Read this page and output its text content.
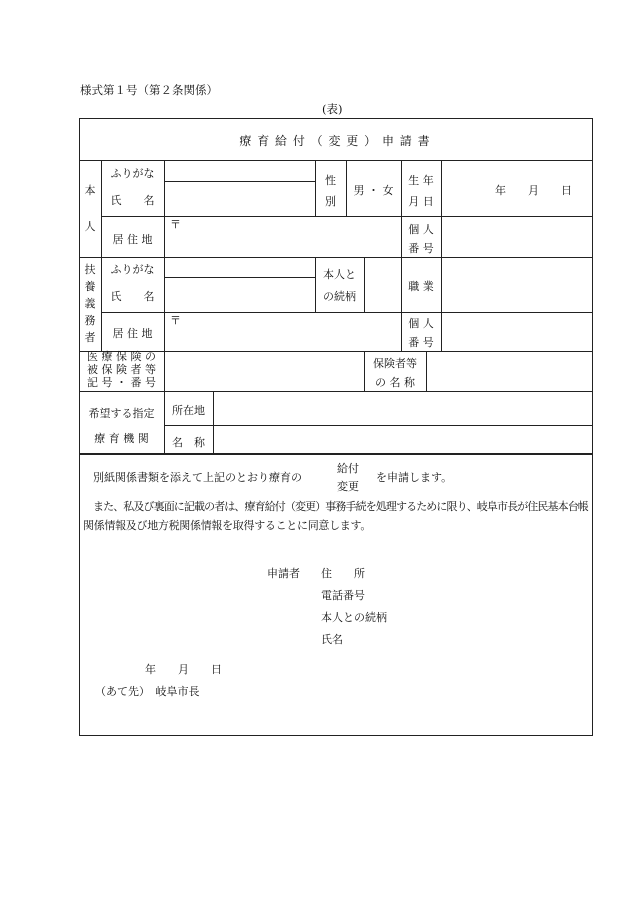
様式第１号（第２条関係）
(表)
療 育 給 付 （ 変 更 ） 申 請 書
本
人
ふりがな
氏　　名
性
別
男 ・ 女
生 年
月 日
年　　月　　日
居 住 地
〒	個 人
番 号
扶
養
義
務
者
ふりがな
氏　　名
本人と
の続柄
職 業
居 住 地
〒	個 人
番 号
医 療 保 険 の
被 保 険 者 等
記 号 ・ 番 号
保険者等
の 名 称
希望する指定
療 育 機 関
所在地
名　称
別紙関係書類を添えて上記のとおり療育の
給付
変更
を申請します。
また、私及び裏面に記載の者は、療育給付（変更）事務手続を処理するために限り、岐阜市長が住民基本台帳
関係情報及び地方税関係情報を取得することに同意します。
申請者 住　　所
電話番号
本人との続柄
氏名
年　　月　　日
（あて先）　岐阜市長
